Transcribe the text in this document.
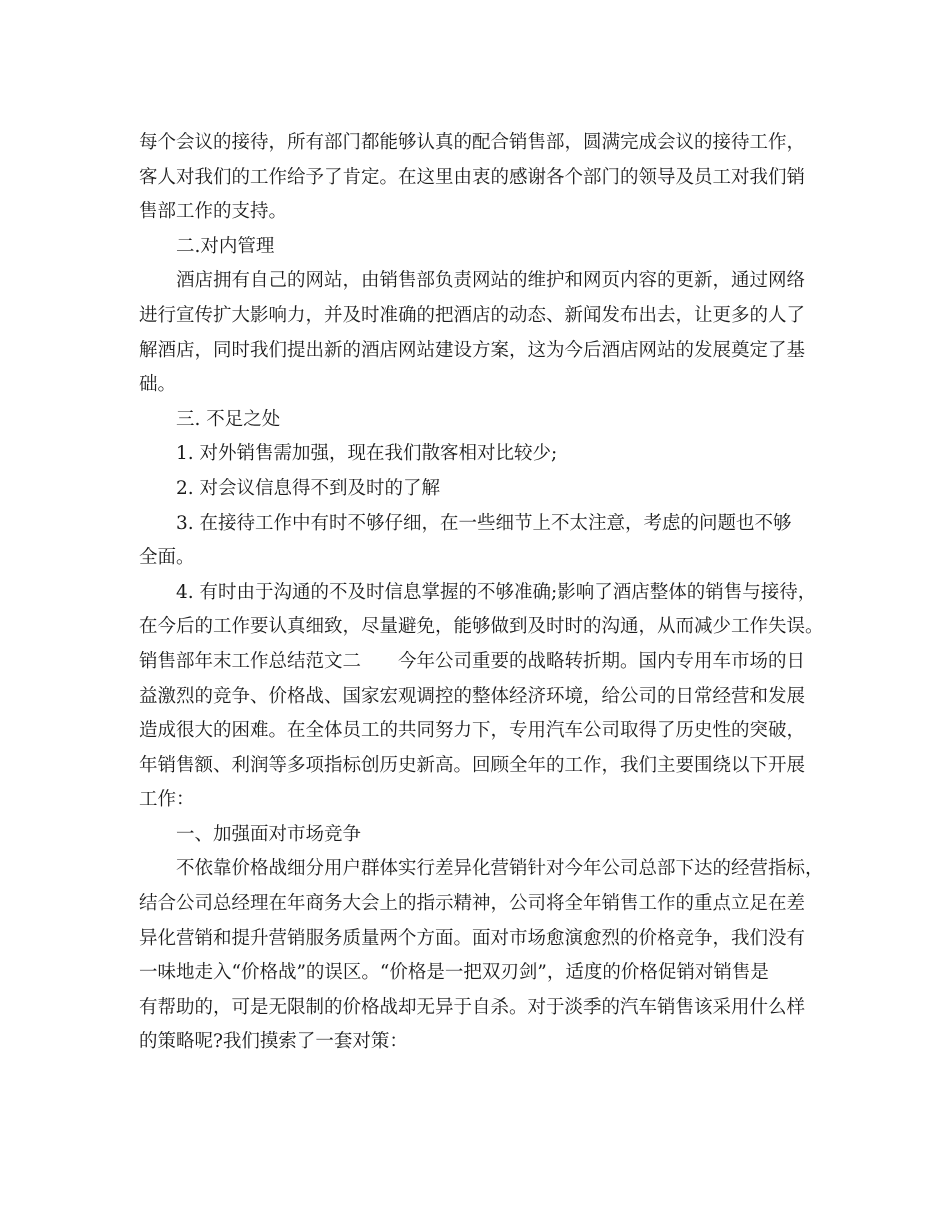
每个会议的接待，所有部门都能够认真的配合销售部，圆满完成会议的接待工作，
客人对我们的工作给予了肯定。在这里由衷的感谢各个部门的领导及员工对我们销
售部工作的支持。
二.对内管理
酒店拥有自己的网站，由销售部负责网站的维护和网页内容的更新，通过网络
进行宣传扩大影响力，并及时准确的把酒店的动态、新闻发布出去，让更多的人了
解酒店，同时我们提出新的酒店网站建设方案，这为今后酒店网站的发展奠定了基
础。
三. 不足之处
1. 对外销售需加强，现在我们散客相对比较少;
2. 对会议信息得不到及时的了解
3. 在接待工作中有时不够仔细，在一些细节上不太注意，考虑的问题也不够
全面。
4. 有时由于沟通的不及时信息掌握的不够准确;影响了酒店整体的销售与接待，
在今后的工作要认真细致，尽量避免，能够做到及时时的沟通，从而减少工作失误。
销售部年末工作总结范文二　　今年公司重要的战略转折期。国内专用车市场的日
益激烈的竞争、价格战、国家宏观调控的整体经济环境，给公司的日常经营和发展
造成很大的困难。在全体员工的共同努力下，专用汽车公司取得了历史性的突破，
年销售额、利润等多项指标创历史新高。回顾全年的工作，我们主要围绕以下开展
工作：
一、加强面对市场竞争
不依靠价格战细分用户群体实行差异化营销针对今年公司总部下达的经营指标，
结合公司总经理在年商务大会上的指示精神，公司将全年销售工作的重点立足在差
异化营销和提升营销服务质量两个方面。面对市场愈演愈烈的价格竞争，我们没有
一味地走入“价格战”的误区。“价格是一把双刃剑”，适度的价格促销对销售是
有帮助的，可是无限制的价格战却无异于自杀。对于淡季的汽车销售该采用什么样
的策略呢?我们摸索了一套对策：
